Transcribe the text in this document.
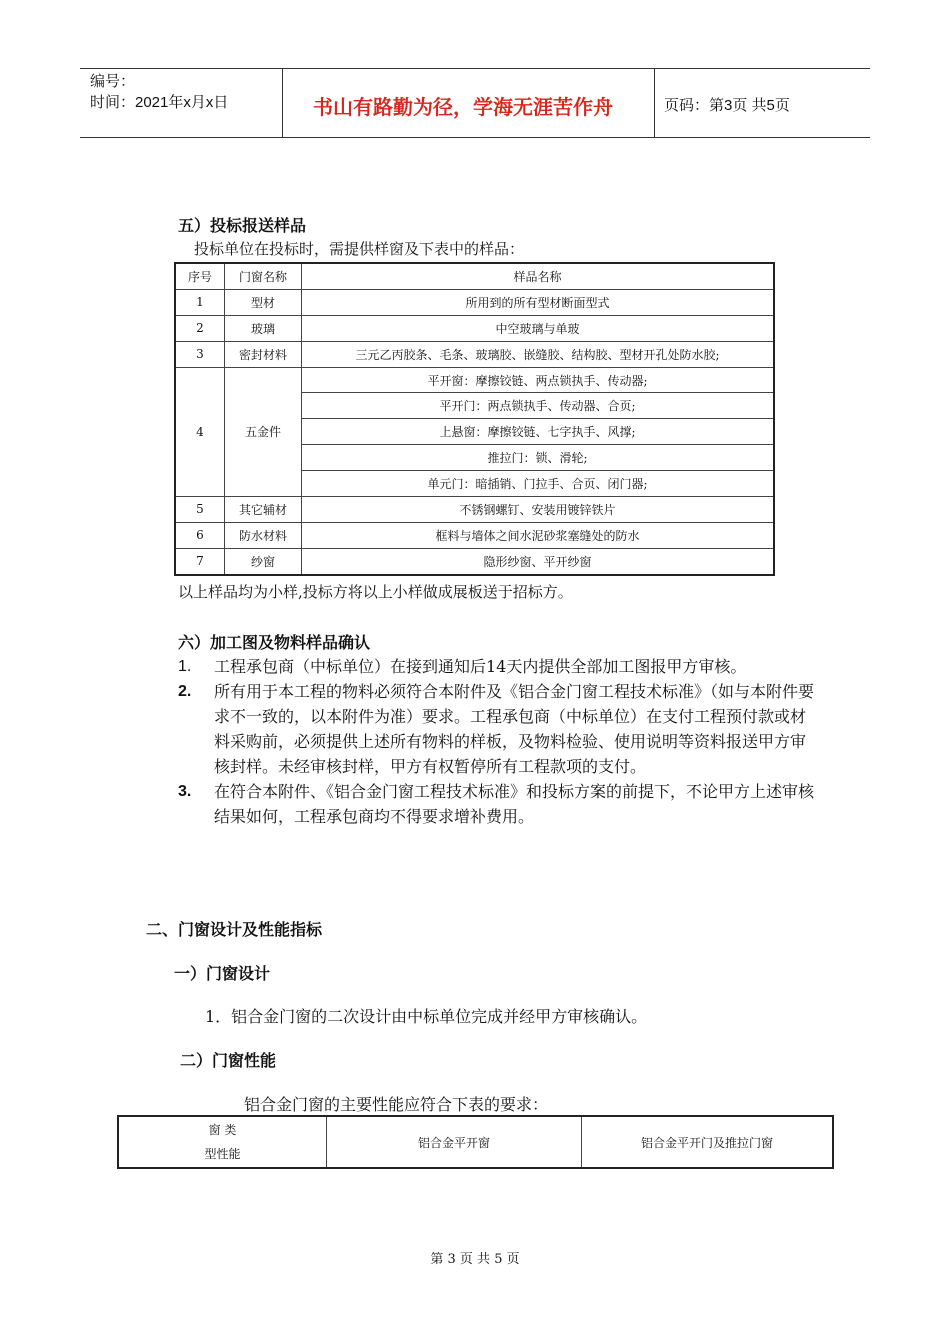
编号：
时间：2021年x月x日	书山有路勤为径，学海无涯苦作舟	页码：第3页 共5页
五）投标报送样品
投标单位在投标时，需提供样窗及下表中的样品：
序号	门窗名称	样品名称
1	型材	所用到的所有型材断面型式
2	玻璃	中空玻璃与单玻
3	密封材料	三元乙丙胶条、毛条、玻璃胶、嵌缝胶、结构胶、型材开孔处防水胶;
4	五金件	平开窗：摩擦铰链、两点锁执手、传动器;
		平开门：两点锁执手、传动器、合页;
		上悬窗：摩擦铰链、七字执手、风撑;
		推拉门：锁、滑轮;
		单元门：暗插销、门拉手、合页、闭门器;
5	其它辅材	不锈钢螺钉、安装用镀锌铁片
6	防水材料	框料与墙体之间水泥砂浆塞缝处的防水
7	纱窗	隐形纱窗、平开纱窗
以上样品均为小样,投标方将以上小样做成展板送于招标方。
六）加工图及物料样品确认
1. 工程承包商（中标单位）在接到通知后14天内提供全部加工图报甲方审核。
2. 所有用于本工程的物料必须符合本附件及《铝合金门窗工程技术标准》（如与本附件要求不一致的，以本附件为准）要求。工程承包商（中标单位）在支付工程预付款或材料采购前，必须提供上述所有物料的样板，及物料检验、使用说明等资料报送甲方审核封样。未经审核封样，甲方有权暂停所有工程款项的支付。
3. 在符合本附件、《铝合金门窗工程技术标准》和投标方案的前提下，不论甲方上述审核结果如何，工程承包商均不得要求增补费用。
二、门窗设计及性能指标
一）门窗设计
1．铝合金门窗的二次设计由中标单位完成并经甲方审核确认。
二）门窗性能
铝合金门窗的主要性能应符合下表的要求：
窗 类
型性能
	铝合金平开窗	铝合金平开门及推拉门窗
第 3 页 共 5 页
